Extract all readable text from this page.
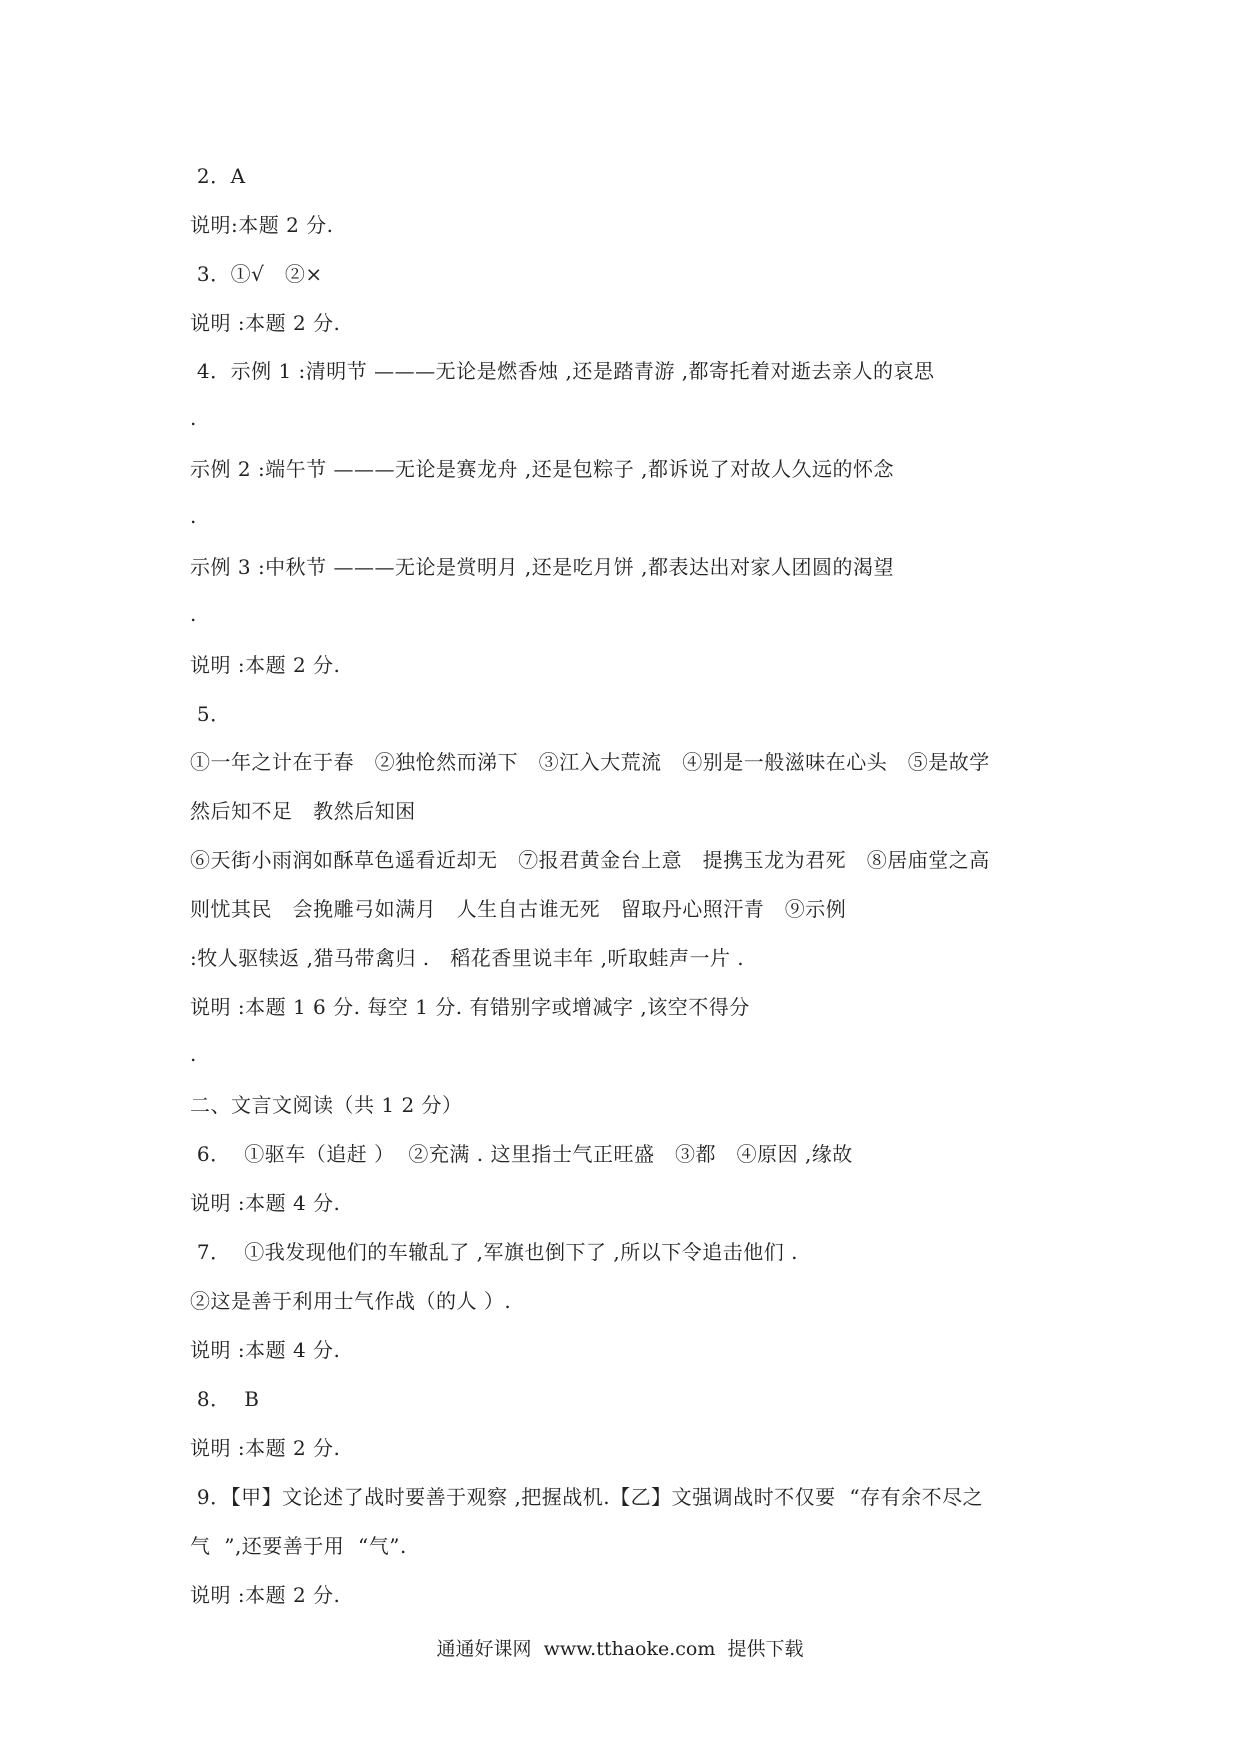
2．A
说明:本题 2 分.
3．①√   ②×
说明 :本题 2 分.
4．示例 1 :清明节 ———无论是燃香烛 ,还是踏青游 ,都寄托着对逝去亲人的哀思
.
示例 2 :端午节 ———无论是赛龙舟 ,还是包粽子 ,都诉说了对故人久远的怀念
.
示例 3 :中秋节 ———无论是赏明月 ,还是吃月饼 ,都表达出对家人团圆的渴望
.
说明 :本题 2 分.
5．
①一年之计在于春   ②独怆然而涕下   ③江入大荒流   ④别是一般滋味在心头   ⑤是故学
然后知不足   教然后知困
⑥天街小雨润如酥草色遥看近却无   ⑦报君黄金台上意   提携玉龙为君死   ⑧居庙堂之高
则忧其民   会挽雕弓如满月   人生自古谁无死   留取丹心照汗青   ⑨示例
:牧人驱犊返 ,猎马带禽归 .   稻花香里说丰年 ,听取蛙声一片 .
说明 :本题 1 6 分. 每空 1 分. 有错别字或增减字 ,该空不得分
.
二、文言文阅读（共 1 2 分）
6．  ①驱车（追赶 ）  ②充满 . 这里指士气正旺盛   ③都   ④原因 ,缘故
说明 :本题 4 分.
7．  ①我发现他们的车辙乱了 ,军旗也倒下了 ,所以下令追击他们 .
②这是善于利用士气作战（的人 ）.
说明 :本题 4 分.
8．  B
说明 :本题 2 分.
9．【甲】文论述了战时要善于观察 ,把握战机.【乙】文强调战时不仅要  “存有余不尽之
气  ”,还要善于用  “气”.
说明 :本题 2 分.
通通好课网  www.tthaoke.com  提供下载
